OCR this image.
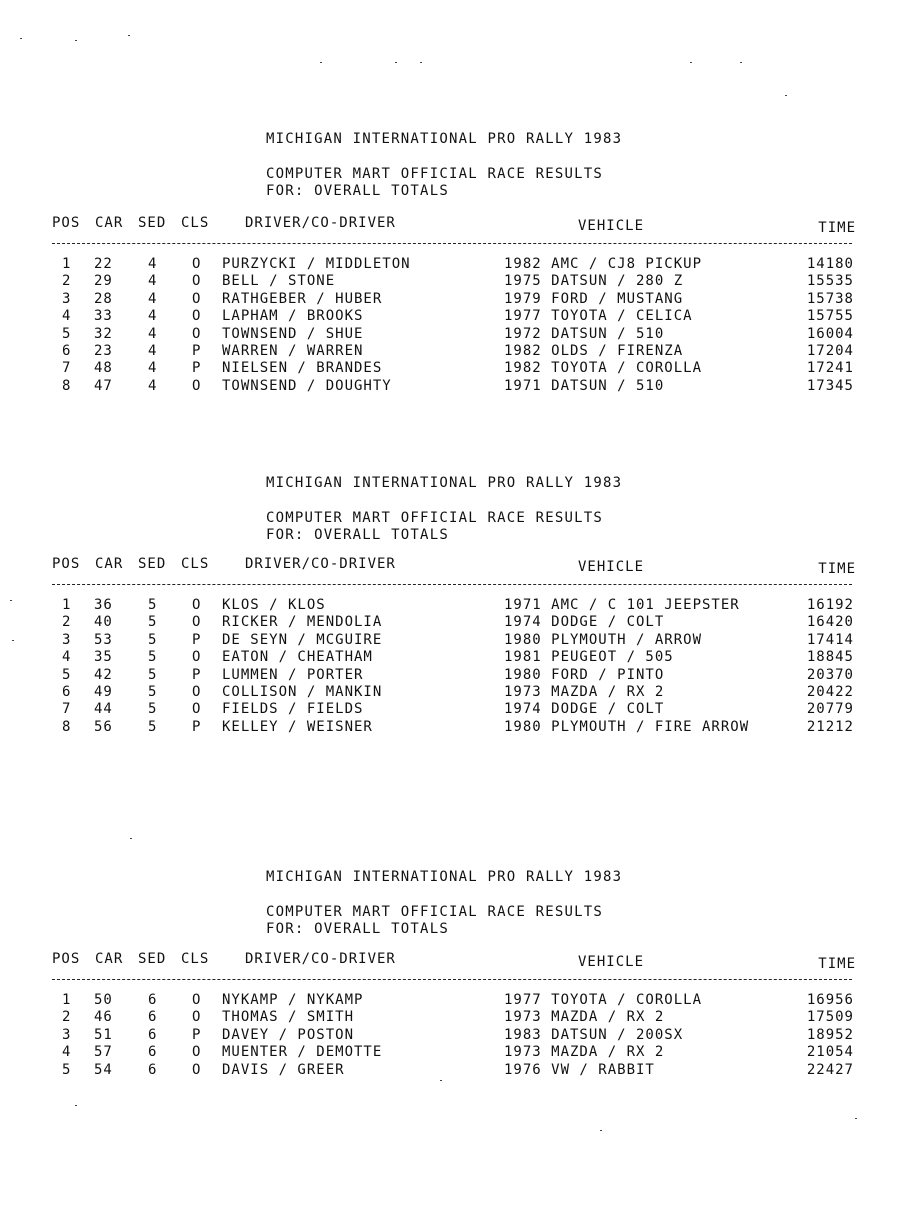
MICHIGAN INTERNATIONAL PRO RALLY 1983
COMPUTER MART OFFICIAL RACE RESULTS
FOR: OVERALL TOTALS
POS CAR SED CLS	DRIVER/CO-DRIVER	VEHICLE	TIME
1 22	4 O PURZYCKI / MIDDLETON	1982 AMC / CJ8 PICKUP	14180
2 29	4 O BELL / STONE	1975 DATSUN / 280 Z	15535
3 28	4 O RATHGEBER / HUBER	1979 FORD / MUSTANG	15738
4 33	4 O LAPHAM / BROOKS	1977 TOYOTA / CELICA	15755
5 32	4 O TOWNSEND / SHUE	1972 DATSUN / 510	16004
6 23	4 P WARREN / WARREN	1982 OLDS / FIRENZA	17204
7 48	4 P NIELSEN / BRANDES	1982 TOYOTA / COROLLA	17241
8 47	4 O TOWNSEND / DOUGHTY	1971 DATSUN / 510	17345
MICHIGAN INTERNATIONAL PRO RALLY 1983
COMPUTER MART OFFICIAL RACE RESULTS
FOR: OVERALL TOTALS
POS CAR SED CLS	DRIVER/CO-DRIVER	VEHICLE	TIME
1 36	5 O KLOS / KLOS	1971 AMC / C 101 JEEPSTER	16192
2 40	5 O RICKER / MENDOLIA	1974 DODGE / COLT	16420
3 53	5 P DE SEYN / MCGUIRE	1980 PLYMOUTH / ARROW	17414
4 35	5 O EATON / CHEATHAM	1981 PEUGEOT / 505	18845
5 42	5 P LUMMEN / PORTER	1980 FORD / PINTO	20370
6 49	5 O COLLISON / MANKIN	1973 MAZDA / RX 2	20422
7 44	5 O FIELDS / FIELDS	1974 DODGE / COLT	20779
8 56	5 P KELLEY / WEISNER	1980 PLYMOUTH / FIRE ARROW	21212
MICHIGAN INTERNATIONAL PRO RALLY 1983
COMPUTER MART OFFICIAL RACE RESULTS
FOR: OVERALL TOTALS
POS CAR SED CLS	DRIVER/CO-DRIVER	VEHICLE	TIME
1 50	6 O NYKAMP / NYKAMP	1977 TOYOTA / COROLLA	16956
2 46	6 O THOMAS / SMITH	1973 MAZDA / RX 2	17509
3 51	6 P DAVEY / POSTON	1983 DATSUN / 200SX	18952
4 57	6 O MUENTER / DEMOTTE	1973 MAZDA / RX 2	21054
5 54	6 O DAVIS / GREER	1976 VW / RABBIT	22427
